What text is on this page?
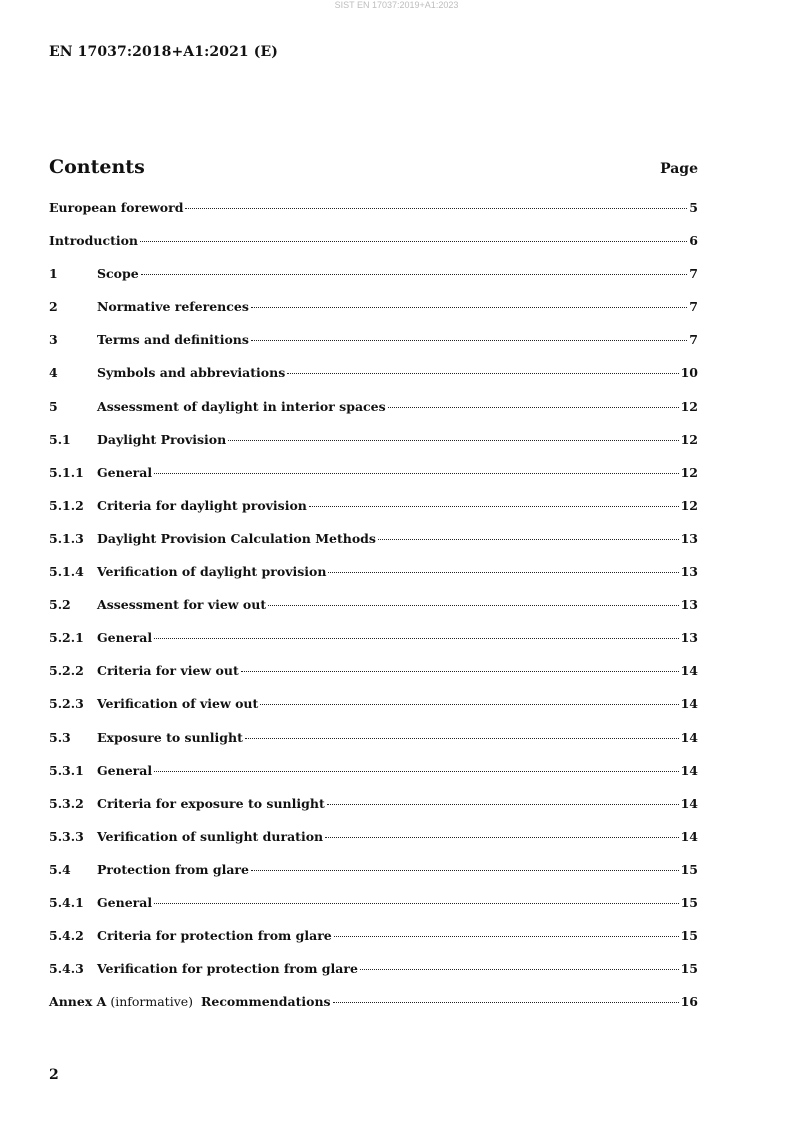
SIST EN 17037:2019+A1:2023
EN 17037:2018+A1:2021 (E)
Contents	Page
European foreword	5
Introduction	6
1	Scope	7
2	Normative references	7
3	Terms and definitions	7
4	Symbols and abbreviations	10
5	Assessment of daylight in interior spaces	12
5.1	Daylight Provision	12
5.1.1	General	12
5.1.2	Criteria for daylight provision	12
5.1.3	Daylight Provision Calculation Methods	13
5.1.4	Verification of daylight provision	13
5.2	Assessment for view out	13
5.2.1	General	13
5.2.2	Criteria for view out	14
5.2.3	Verification of view out	14
5.3	Exposure to sunlight	14
5.3.1	General	14
5.3.2	Criteria for exposure to sunlight	14
5.3.3	Verification of sunlight duration	14
5.4	Protection from glare	15
5.4.1	General	15
5.4.2	Criteria for protection from glare	15
5.4.3	Verification for protection from glare	15
Annex A (informative) Recommendations	16
2
